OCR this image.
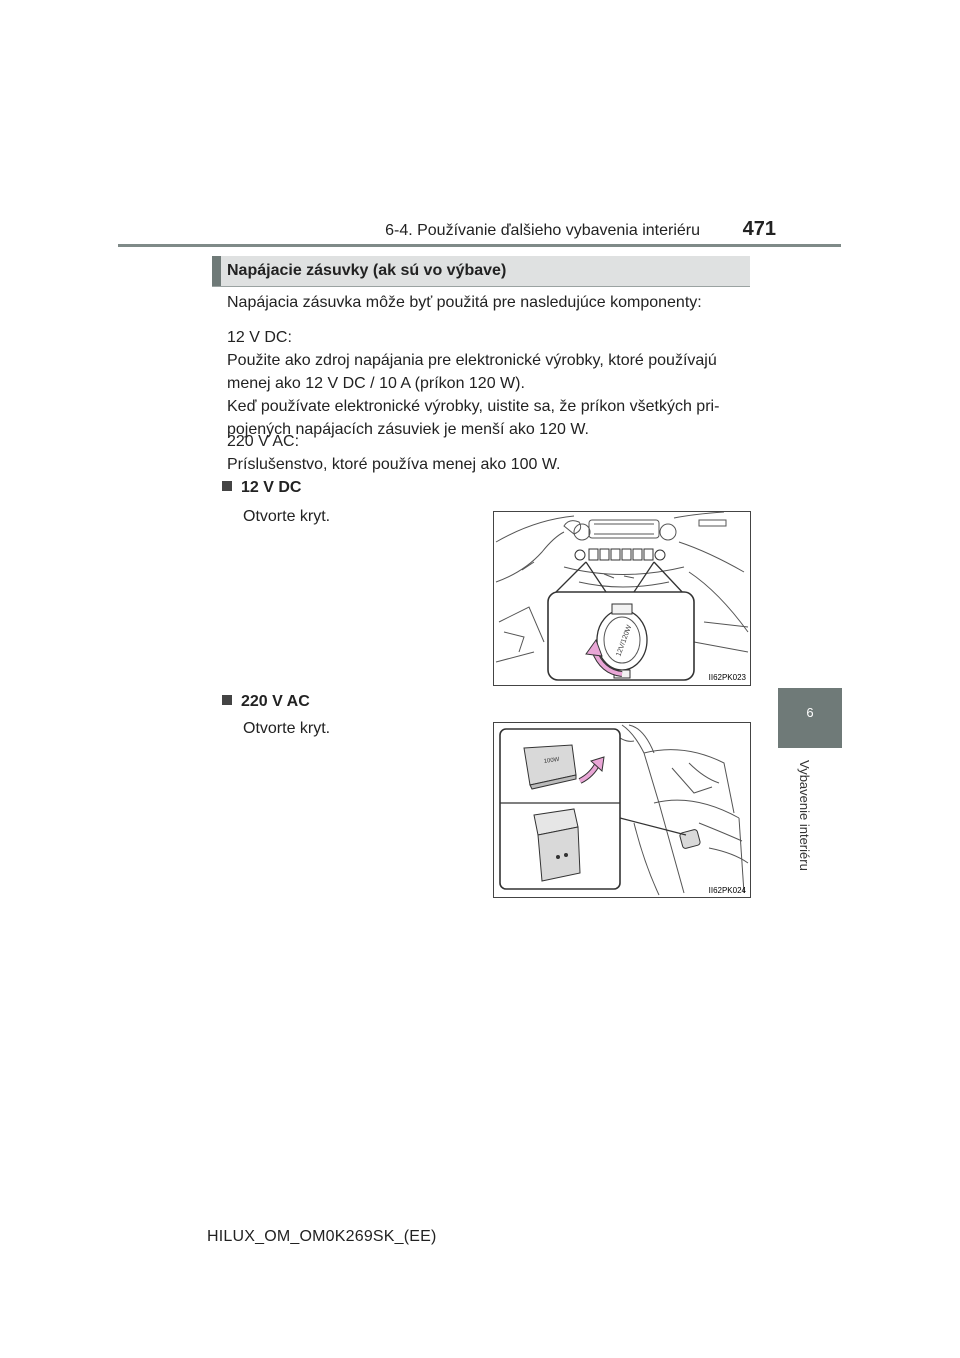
6-4. Používanie ďalšieho vybavenia interiéru	471
6
Vybavenie interiéru
Napájacie zásuvky (ak sú vo výbave)
Napájacia zásuvka môže byť použitá pre nasledujúce komponenty:
12 V DC:
Použite ako zdroj napájania pre elektronické výrobky, ktoré používajú
menej ako 12 V DC / 10 A (príkon 120 W).
Keď používate elektronické výrobky, uistite sa, že príkon všetkých pri-
pojených napájacích zásuviek je menší ako 120 W.
220 V AC:
Príslušenstvo, ktoré používa menej ako 100 W.
12 V DC
Otvorte kryt.
12V/120W
II62PK023
220 V AC
Otvorte kryt.
100W
II62PK024
HILUX_OM_OM0K269SK_(EE)
